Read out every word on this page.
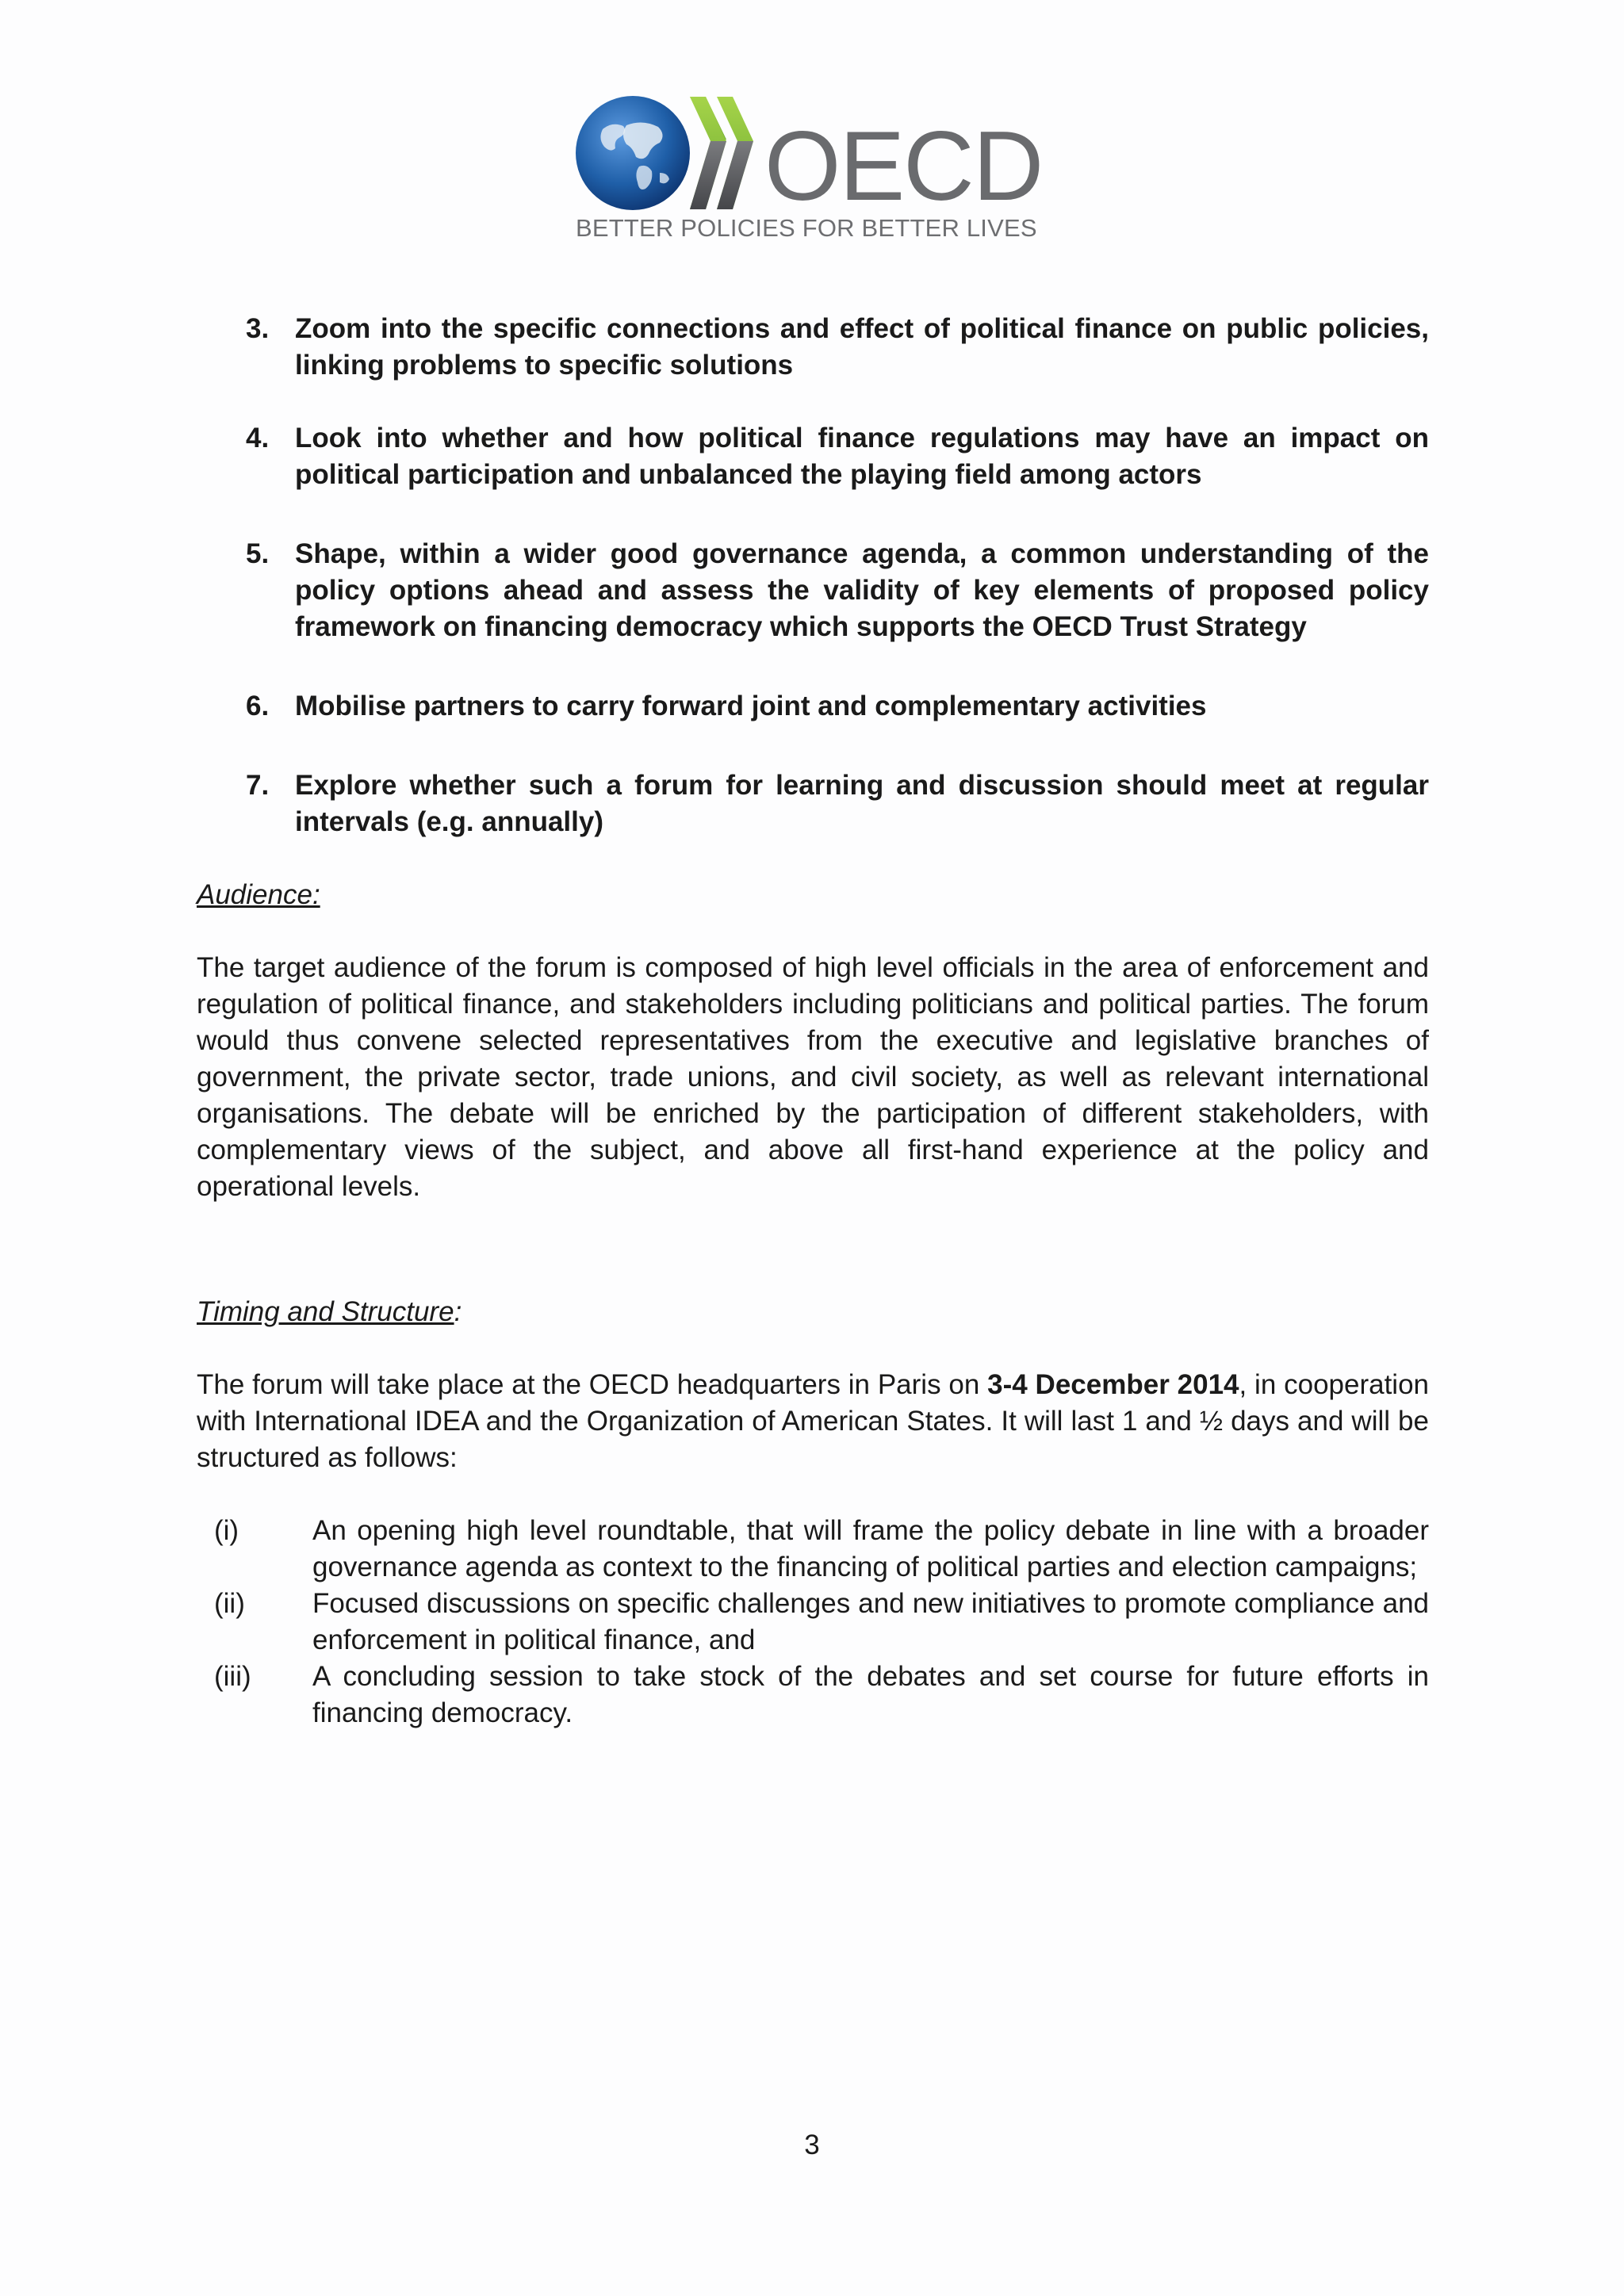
OECD
BETTER POLICIES FOR BETTER LIVES
3. Zoom into the specific connections and effect of political finance on public policies, linking problems to specific solutions
4. Look into whether and how political finance regulations may have an impact on political participation and unbalanced the playing field among actors
5. Shape, within a wider good governance agenda, a common understanding of the policy options ahead and assess the validity of key elements of proposed policy framework on financing democracy which supports the OECD Trust Strategy
6. Mobilise partners to carry forward joint and complementary activities
7. Explore whether such a forum for learning and discussion should meet at regular intervals (e.g. annually)
Audience:

The target audience of the forum is composed of high level officials in the area of enforcement and regulation of political finance, and stakeholders including politicians and political parties. The forum would thus convene selected representatives from the executive and legislative branches of government, the private sector, trade unions, and civil society, as well as relevant international organisations. The debate will be enriched by the participation of different stakeholders, with complementary views of the subject, and above all first-hand experience at the policy and operational levels.

Timing and Structure:

The forum will take place at the OECD headquarters in Paris on 3-4 December 2014, in cooperation with International IDEA and the Organization of American States. It will last 1 and ½ days and will be structured as follows:

(i)	An opening high level roundtable, that will frame the policy debate in line with a broader governance agenda as context to the financing of political parties and election campaigns;
(ii) Focused discussions on specific challenges and new initiatives to promote compliance and enforcement in political finance, and
(iii) A concluding session to take stock of the debates and set course for future efforts in financing democracy.
3
